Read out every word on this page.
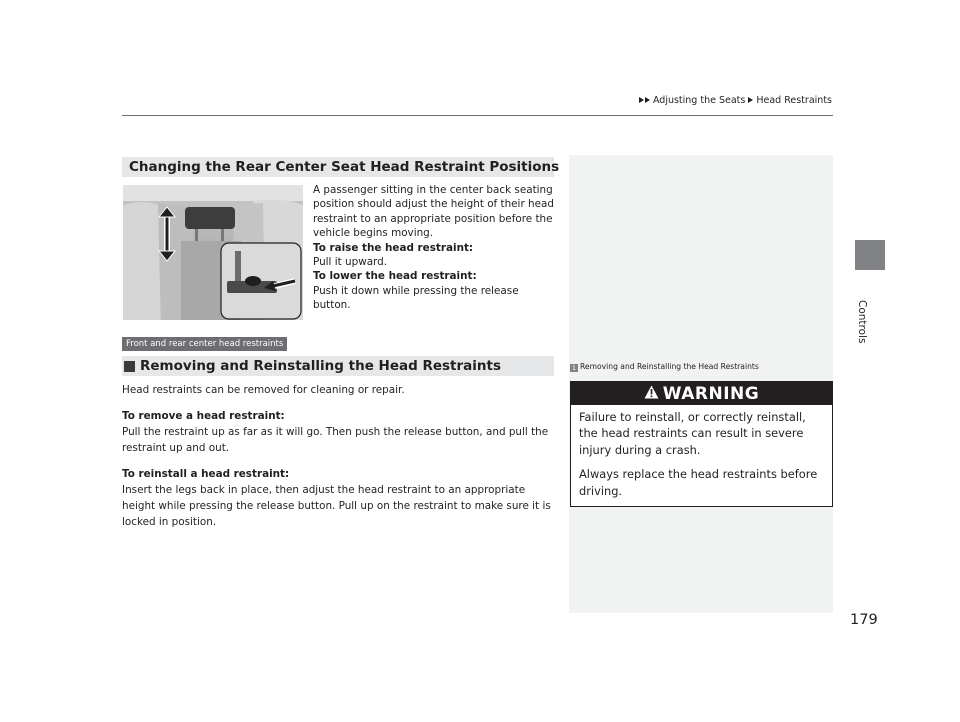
Adjusting the Seats Head Restraints
Controls
Changing the Rear Center Seat Head Restraint Positions

A passenger sitting in the center back seating position should adjust the height of their head restraint to an appropriate position before the vehicle begins moving.

To raise the head restraint:

Pull it upward.

To lower the head restraint:

Push it down while pressing the release button.

Front and rear center head restraints
Removing and Reinstalling the Head Restraints

Head restraints can be removed for cleaning or repair.

To remove a head restraint:

Pull the restraint up as far as it will go. Then push the release button, and pull the restraint up and out.

To reinstall a head restraint:

Insert the legs back in place, then adjust the head restraint to an appropriate height while pressing the release button. Pull up on the restraint to make sure it is locked in position.

1 Removing and Reinstalling the Head Restraints
WARNING

Failure to reinstall, or correctly reinstall, the head restraints can result in severe injury during a crash.

Always replace the head restraints before driving.

179
